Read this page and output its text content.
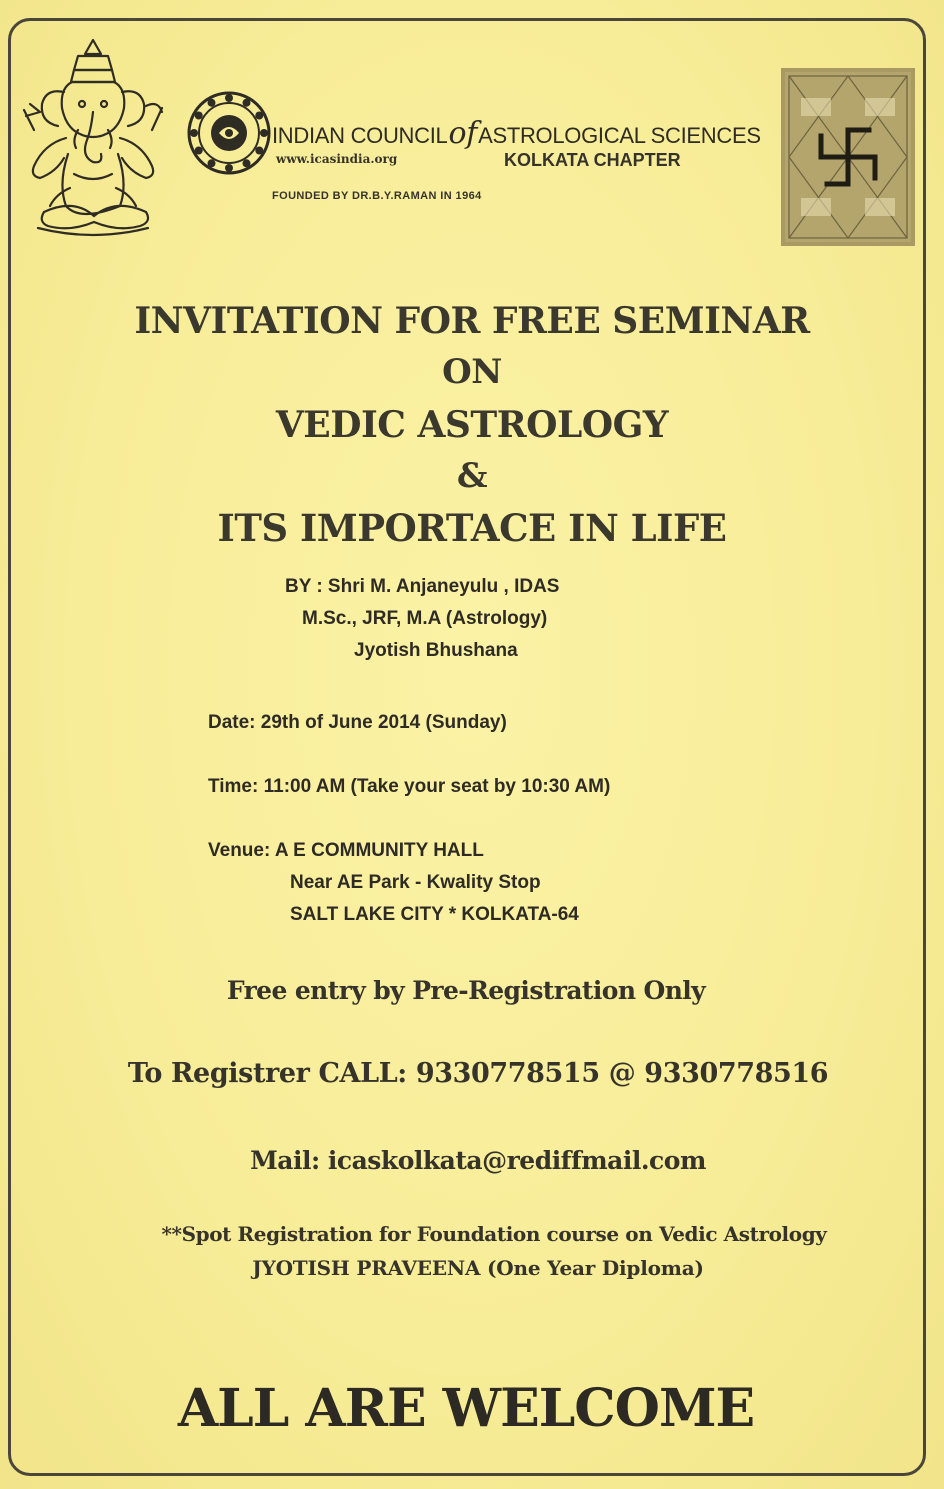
INDIAN COUNCILofASTROLOGICAL SCIENCES
www.icasindia.org	KOLKATA CHAPTER
FOUNDED BY DR.B.Y.RAMAN IN 1964
INVITATION FOR FREE SEMINAR
ON
VEDIC ASTROLOGY
&
ITS IMPORTACE IN LIFE
BY : Shri M. Anjaneyulu , IDAS
M.Sc., JRF, M.A (Astrology)
Jyotish Bhushana
Date: 29th of June 2014 (Sunday)
Time: 11:00 AM (Take your seat by 10:30 AM)
Venue: A E COMMUNITY HALL
Near AE Park - Kwality Stop
SALT LAKE CITY * KOLKATA-64
Free entry by Pre-Registration Only
To Registrer CALL: 9330778515 @ 9330778516
Mail: icaskolkata@rediffmail.com
**Spot Registration for Foundation course on Vedic Astrology
JYOTISH PRAVEENA (One Year Diploma)
ALL ARE WELCOME
